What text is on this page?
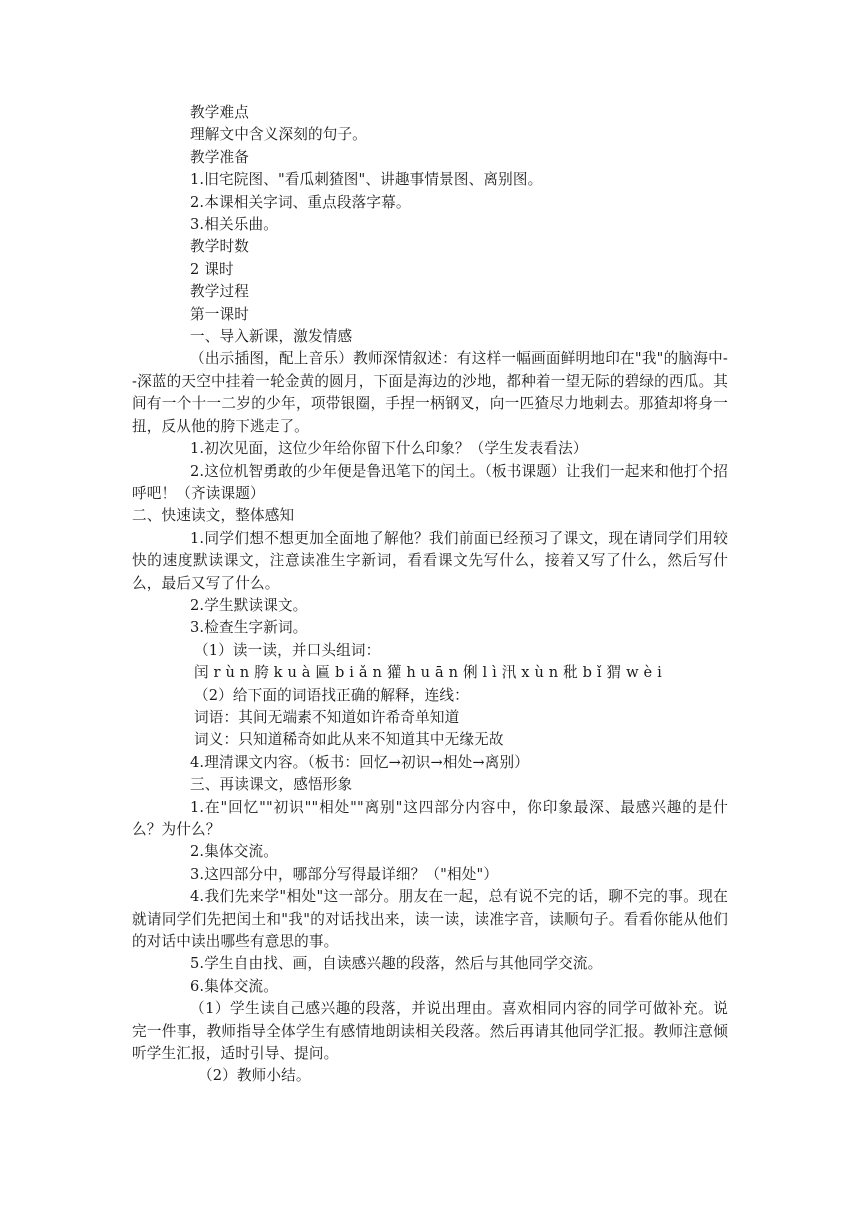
教学难点
理解文中含义深刻的句子。
教学准备
1.旧宅院图、"看瓜刺猹图"、讲趣事情景图、离别图。
2.本课相关字词、重点段落字幕。
3.相关乐曲。
教学时数
2 课时
教学过程
第一课时
一、导入新课，激发情感

（出示插图，配上音乐）教师深情叙述：有这样一幅画面鲜明地印在"我"的脑海中--深蓝的天空中挂着一轮金黄的圆月，下面是海边的沙地，都种着一望无际的碧绿的西瓜。其间有一个十一二岁的少年，项带银圈，手捏一柄钢叉，向一匹猹尽力地刺去。那猹却将身一扭，反从他的胯下逃走了。

1.初次见面，这位少年给你留下什么印象？（学生发表看法）

2.这位机智勇敢的少年便是鲁迅笔下的闰土。（板书课题）让我们一起来和他打个招呼吧！（齐读课题）

二、快速读文，整体感知

1.同学们想不想更加全面地了解他？我们前面已经预习了课文，现在请同学们用较快的速度默读课文，注意读准生字新词，看看课文先写什么，接着又写了什么，然后写什么，最后又写了什么。

2.学生默读课文。
3.检查生字新词。
（1）读一读，并口头组词：
闰 r ù n 胯 k u à 匾 b i ǎ n 獾 h u ā n 俐 l ì 汛 x ù n 秕 b ǐ 猬 w è i
（2）给下面的词语找正确的解释，连线：
词语：其间无端素不知道如许希奇单知道
词义：只知道稀奇如此从来不知道其中无缘无故
4.理清课文内容。（板书：回忆→初识→相处→离别）
三、再读课文，感悟形象

1.在"回忆""初识""相处""离别"这四部分内容中，你印象最深、最感兴趣的是什么？为什么？

2.集体交流。
3.这四部分中，哪部分写得最详细？（"相处"）

4.我们先来学"相处"这一部分。朋友在一起，总有说不完的话，聊不完的事。现在就请同学们先把闰土和"我"的对话找出来，读一读，读准字音，读顺句子。看看你能从他们的对话中读出哪些有意思的事。

5.学生自由找、画，自读感兴趣的段落，然后与其他同学交流。
6.集体交流。

（1）学生读自己感兴趣的段落，并说出理由。喜欢相同内容的同学可做补充。说完一件事，教师指导全体学生有感情地朗读相关段落。然后再请其他同学汇报。教师注意倾听学生汇报，适时引导、提问。

（2）教师小结。
